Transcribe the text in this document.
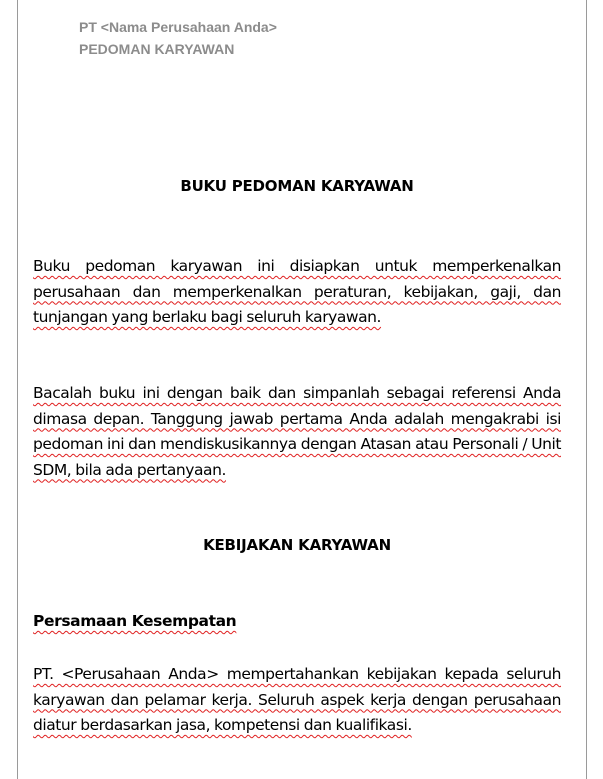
PT <Nama Perusahaan Anda>
PEDOMAN KARYAWAN
BUKU PEDOMAN KARYAWAN

Buku pedoman karyawan ini disiapkan untuk memperkenalkan perusahaan dan memperkenalkan peraturan, kebijakan, gaji, dan tunjangan yang berlaku bagi seluruh karyawan.

Bacalah buku ini dengan baik dan simpanlah sebagai referensi Anda dimasa depan. Tanggung jawab pertama Anda adalah mengakrabi isi pedoman ini dan mendiskusikannya dengan Atasan atau Personali / Unit SDM, bila ada pertanyaan.

KEBIJAKAN KARYAWAN
Persamaan Kesempatan

PT. <Perusahaan Anda> mempertahankan kebijakan kepada seluruh karyawan dan pelamar kerja. Seluruh aspek kerja dengan perusahaan diatur berdasarkan jasa, kompetensi dan kualifikasi.
